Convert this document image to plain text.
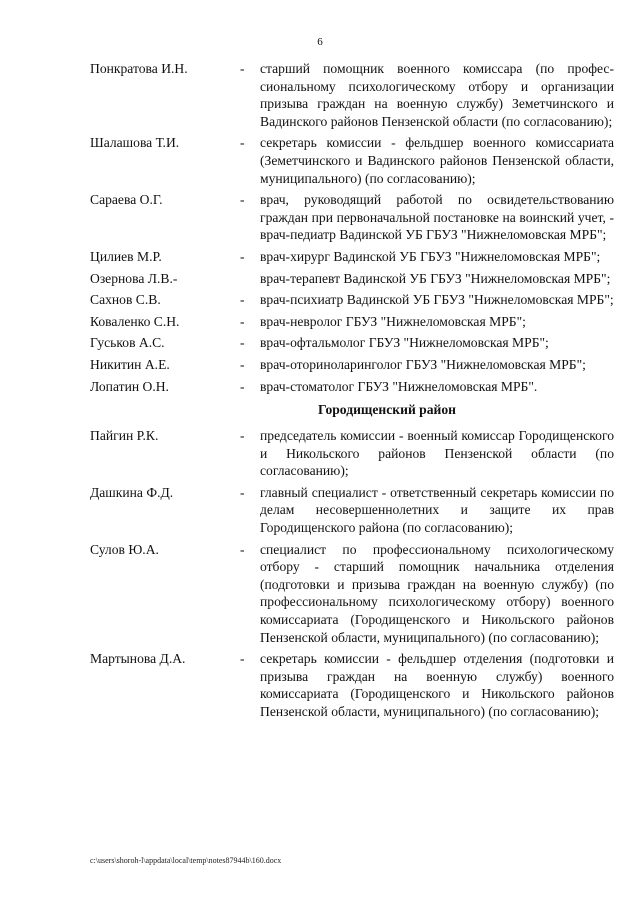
6
Понкратова И.Н.	-	старший помощник военного комиссара (по профессиональному психологическому отбору и организации призыва граждан на военную службу) Земетчинского и Вадинского районов Пензенской области (по согласованию);
Шалашова Т.И.	-	секретарь комиссии - фельдшер военного комиссариата (Земетчинского и Вадинского районов Пензенской области, муниципального) (по согласованию);
Сараева О.Г.	-	врач, руководящий работой по освидетельствованию граждан при первоначальной постановке на воинский учет, - врач-педиатр Вадинской УБ ГБУЗ "Нижнеломовская МРБ";
Цилиев М.Р.	-	врач-хирург Вадинской УБ ГБУЗ "Нижнеломовская МРБ";
Озернова Л.В.-	врач-терапевт Вадинской УБ ГБУЗ "Нижнеломовская МРБ";
Сахнов С.В.	-	врач-психиатр Вадинской УБ ГБУЗ "Нижнеломовская МРБ";
Коваленко С.Н.	-	врач-невролог ГБУЗ "Нижнеломовская МРБ";
Гуськов А.С.	-	врач-офтальмолог ГБУЗ "Нижнеломовская МРБ";
Никитин А.Е.	-	врач-оториноларинголог ГБУЗ "Нижнеломовская МРБ";
Лопатин О.Н.	-	врач-стоматолог ГБУЗ "Нижнеломовская МРБ".
Городищенский район
Пайгин Р.К.	-	председатель комиссии - военный комиссар Городищенского и Никольского районов Пензенской области (по согласованию);
Дашкина Ф.Д.	-	главный специалист - ответственный секретарь комиссии по делам несовершеннолетних и защите их прав Городищенского района (по согласованию);
Сулов Ю.А.	-	специалист по профессиональному психологическому отбору - старший помощник начальника отделения (подготовки и призыва граждан на военную службу) (по профессиональному психологическому отбору) военного комиссариата (Городищенского и Никольского районов Пензенской области, муниципального) (по согласованию);
Мартынова Д.А.	-	секретарь комиссии - фельдшер отделения (подготовки и призыва граждан на военную службу) военного комиссариата (Городищенского и Никольского районов Пензенской области, муниципального) (по согласованию);
c:\users\shoroh-l\appdata\local\temp\notes87944b\160.docx
